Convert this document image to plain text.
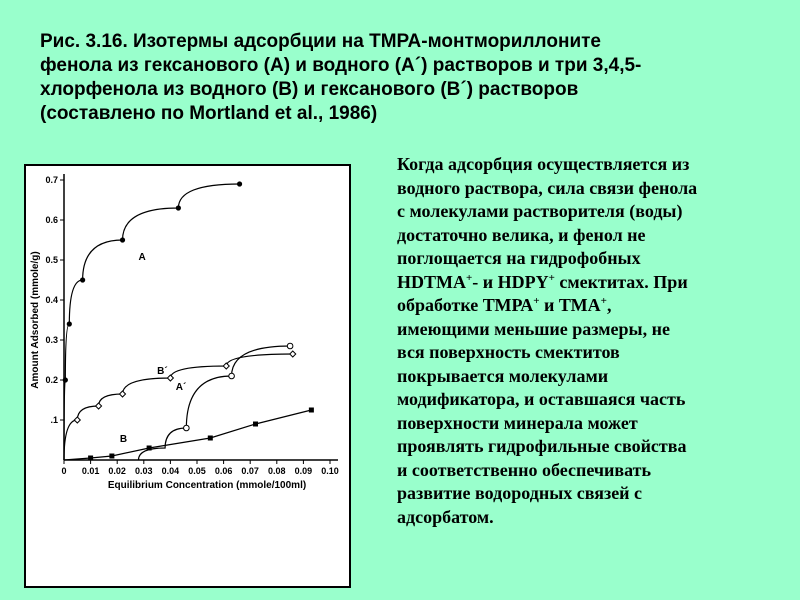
Рис. 3.16. Изотермы адсорбции на ТМРА-монтмориллоните
фенола из гексанового (А) и водного (А´) растворов и три 3,4,5-
хлорфенола из водного (В) и гексанового (В´) растворов
(составлено по Mortland et al., 1986)
0 0.01 0.02 0.03 0.04 0.05 0.06 0.07 0.08 0.09 0.10
.1
0.2
0.3
0.4
0.5
0.6
0.7
Equilibrium Concentration (mmole/100ml)
Amount Adsorbed (mmole/g)	A
B´
A´
B
Когда адсорбция осуществляется из
водного раствора, сила связи фенола
с молекулами растворителя (воды)
достаточно велика, и фенол не
поглощается на гидрофобных
HDTMA+- и HDPY+ смектитах. При
обработке ТМРА+ и ТМА+,
имеющими меньшие размеры, не
вся поверхность смектитов
покрывается молекулами
модификатора, и оставшаяся часть
поверхности минерала может
проявлять гидрофильные свойства
и соответственно обеспечивать
развитие водородных связей с
адсорбатом.
